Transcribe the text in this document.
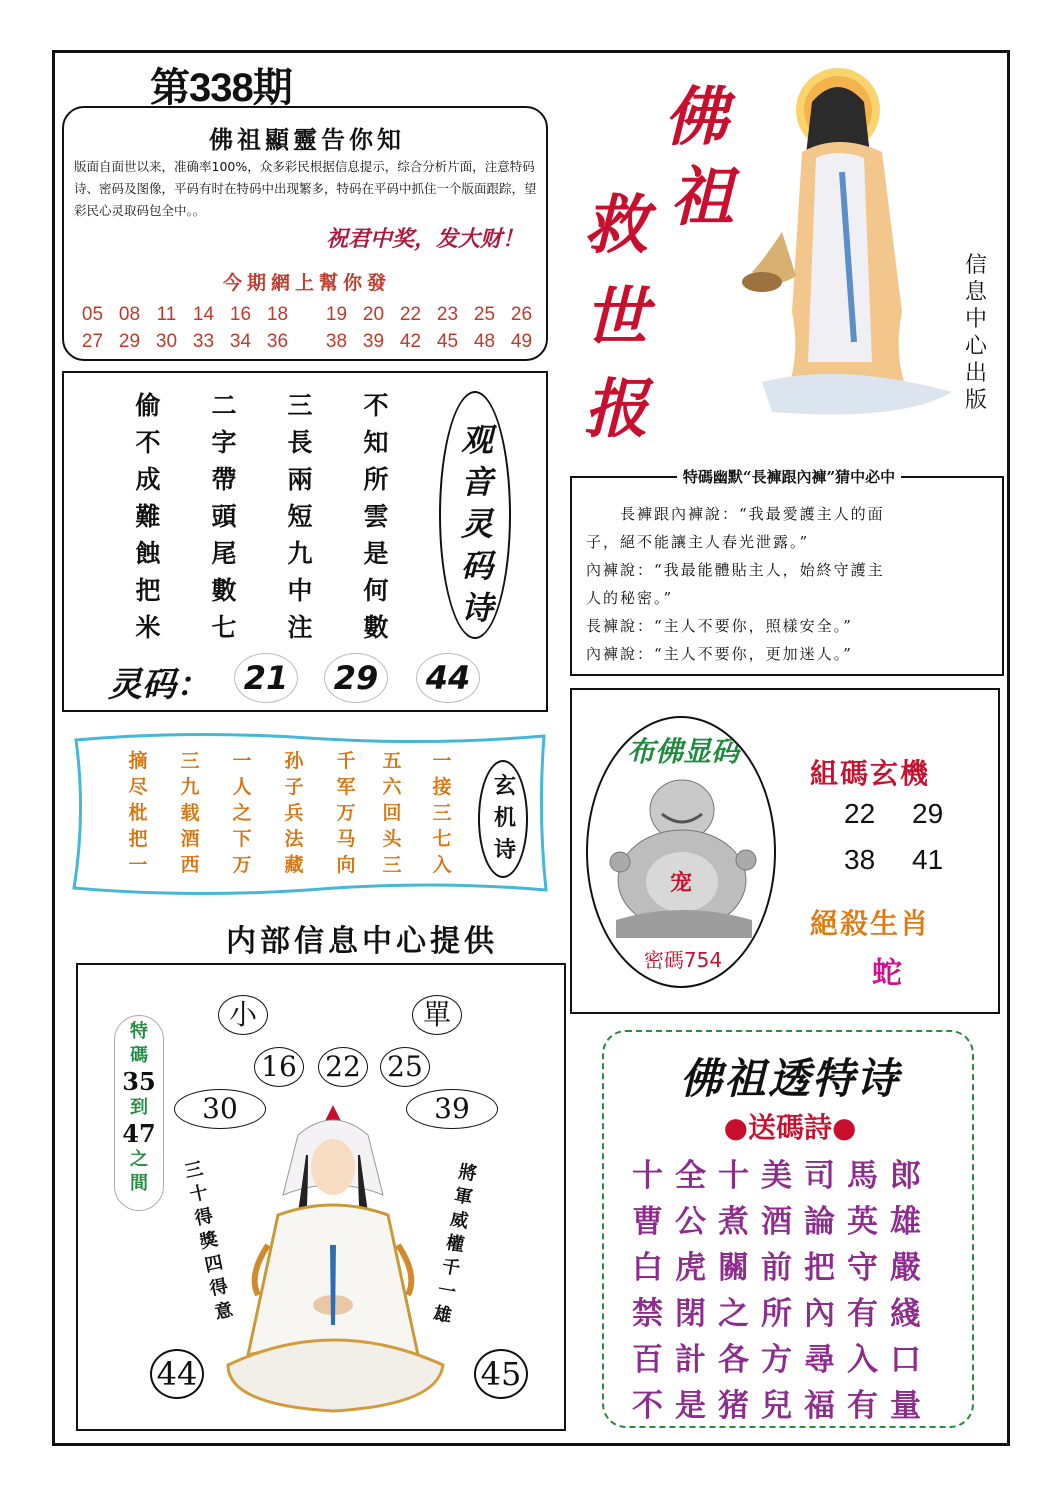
第338期
佛祖顯靈告你知
版面自面世以来，准确率100%，众多彩民根据信息提示，综合分析片面，注意特码诗、密码及图像，平码有时在特码中出现繁多，特码在平码中抓住一个版面跟踪，望彩民心灵取码包全中。。
祝君中奖，发大财！
今期網上幫你發
05 08 11 14 16 18 19 20 22 23 25 26
27 29 30 33 34 36 38 39 42 45 48 49
佛
祖
救
世
报
信
息
中
心
出
版
偷
不
成
難
蝕
把
米
二
字
帶
頭
尾
數
七
三
長
兩
短
九
中
注
不
知
所
雲
是
何
數
观
音
灵
码
诗
灵码：	21	29	44
摘
尽
枇
把
一
三
九
载
酒
西
一
人
之
下
万
孙
子
兵
法
藏
千
军
万
马
向
五
六
回
头
三
一
接
三
七
入
玄
机
诗
内部信息中心提供
小	單
16 22 25
30	39
特
碼
35
到
47
之
間
三
十
得
獎
四
得
意
將
軍
威
權
千
一
雄
44	45
特碼幽默“長褲跟內褲”猜中必中
　　長褲跟內褲說：“我最愛護主人的面
子，絕不能讓主人春光泄露。”
內褲說：“我最能體貼主人，始終守護主
人的秘密。”
長褲說：“主人不要你，照樣安全。”
內褲說：“主人不要你，更加迷人。”
布佛显码
宠
密碼754
組碼玄機
22 29
38 41
絕殺生肖
蛇
佛祖透特诗
●送碼詩●
十全十美司馬郎
曹公煮酒論英雄
白虎關前把守嚴
禁閉之所內有綫
百計各方尋入口
不是猪兒福有量
